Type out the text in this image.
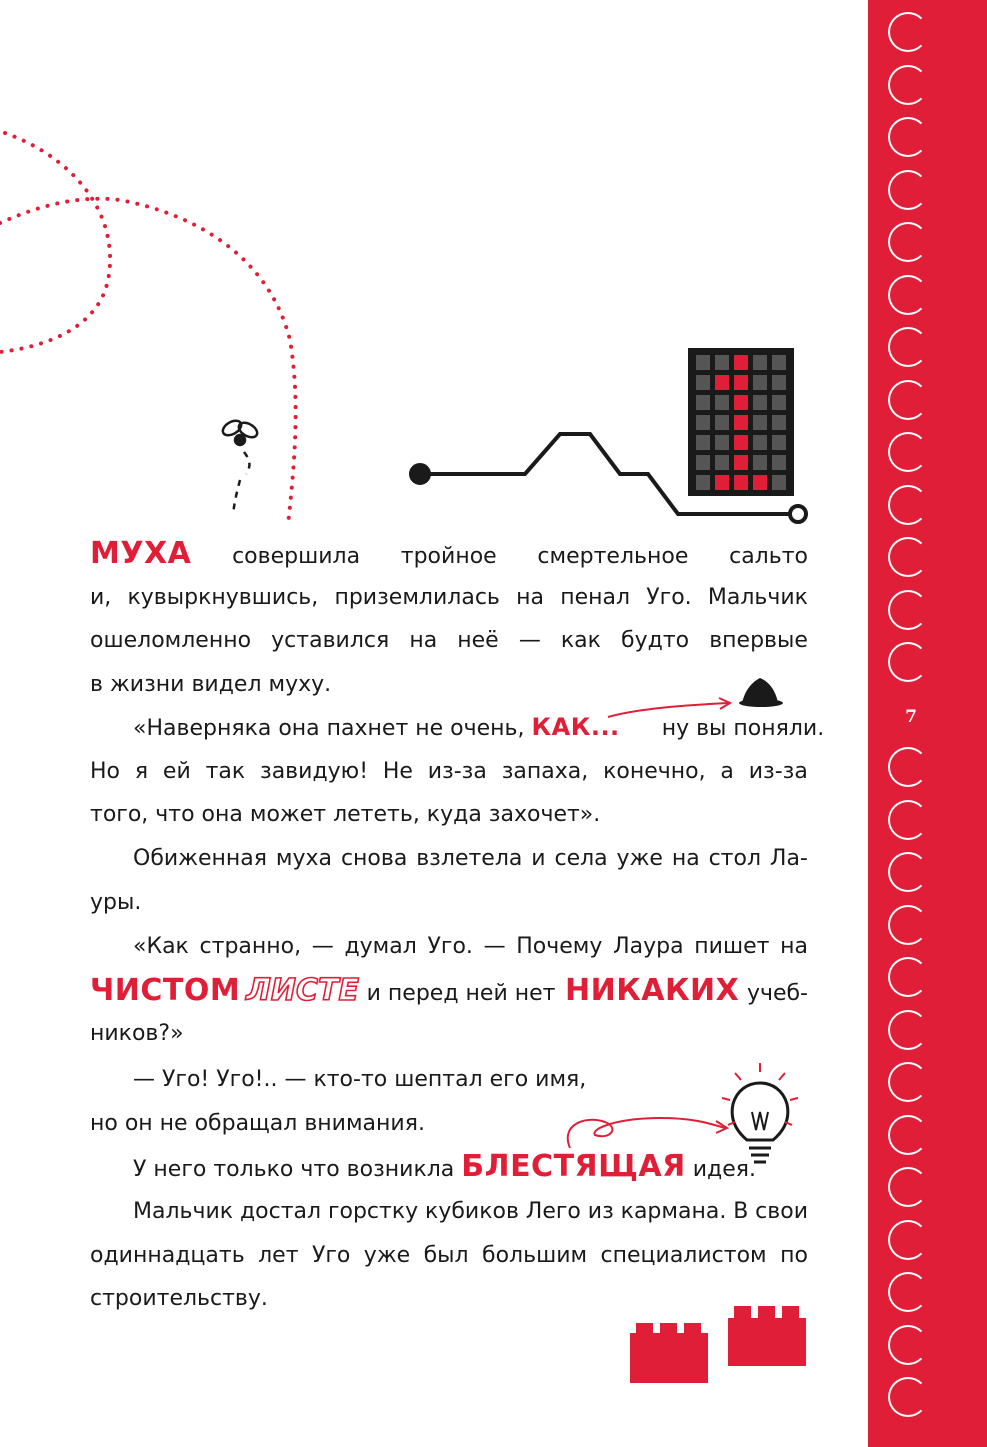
7
МУХА совершила тройное смертельное сальто
и, кувыркнувшись, приземлилась на пенал Уго. Мальчик
ошеломленно уставился на неё — как будто впервые
в жизни видел муху.
«Наверняка она пахнет не очень, КАК... ну вы поняли.
Но я ей так завидую! Не из-за запаха, конечно, а из-за
того, что она может лететь, куда захочет».
Обиженная муха снова взлетела и села уже на стол Ла-
уры.
«Как странно, — думал Уго. — Почему Лаура пишет на
ЧИСТОМ ЛИСТЕ и перед ней нет НИКАКИХ учеб-
ников?»
— Уго! Уго!.. — кто-то шептал его имя,
но он не обращал внимания.
У него только что возникла БЛЕСТЯЩАЯ идея.
Мальчик достал горстку кубиков Лего из кармана. В свои
одиннадцать лет Уго уже был большим специалистом по
строительству.
